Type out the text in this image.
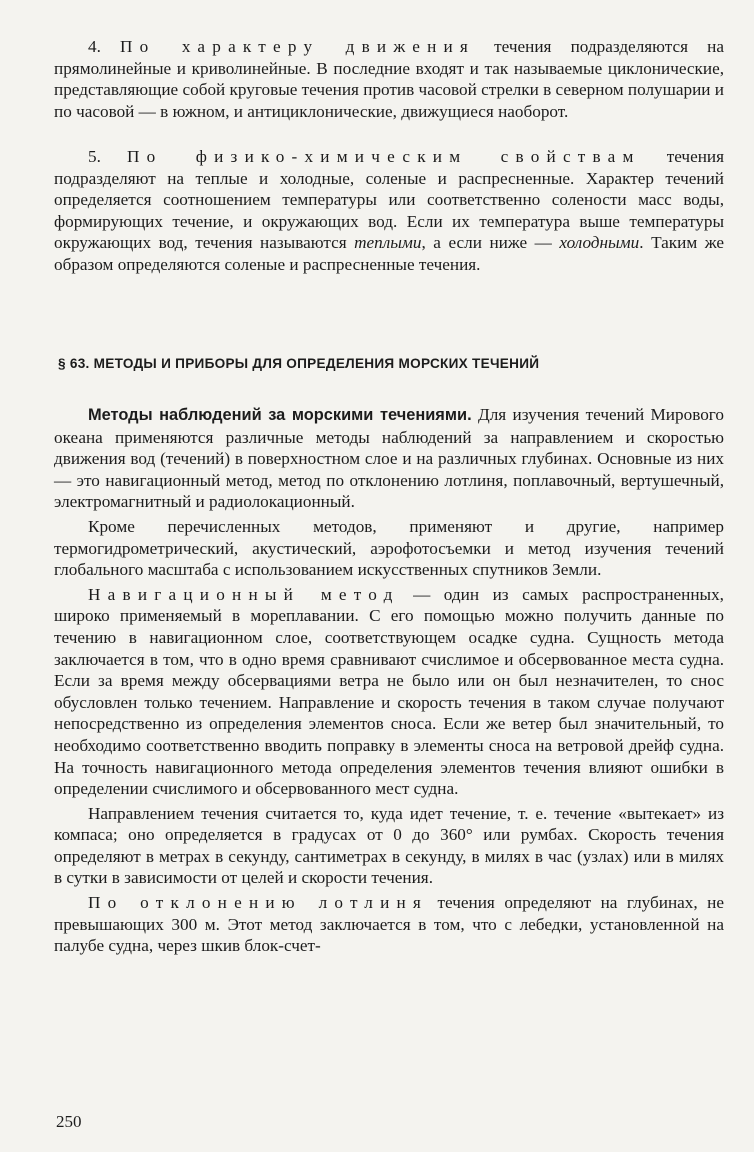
4. По характеру движения течения подразделяются на прямолинейные и криволинейные. В последние входят и так называемые циклонические, представляющие собой круговые течения против часовой стрелки в северном полушарии и по часовой — в южном, и антициклонические, движущиеся наоборот.

5. По физико-химическим свойствам течения подразделяют на теплые и холодные, соленые и распресненные. Характер течений определяется соотношением температуры или соответственно солености масс воды, формирующих течение, и окружающих вод. Если их температура выше температуры окружающих вод, течения называются теплыми, а если ниже — холодными. Таким же образом определяются соленые и распресненные течения.

§ 63. МЕТОДЫ И ПРИБОРЫ ДЛЯ ОПРЕДЕЛЕНИЯ МОРСКИХ ТЕЧЕНИЙ

Методы наблюдений за морскими течениями. Для изучения течений Мирового океана применяются различные методы наблюдений за направлением и скоростью движения вод (течений) в поверхностном слое и на различных глубинах. Основные из них — это навигационный метод, метод по отклонению лотлиня, поплавочный, вертушечный, электромагнитный и радиолокационный.

Кроме перечисленных методов, применяют и другие, например термогидрометрический, акустический, аэрофотосъемки и метод изучения течений глобального масштаба с использованием искусственных спутников Земли.

Навигационный метод — один из самых распространенных, широко применяемый в мореплавании. С его помощью можно получить данные по течению в навигационном слое, соответствующем осадке судна. Сущность метода заключается в том, что в одно время сравнивают счислимое и обсервованное места судна. Если за время между обсервациями ветра не было или он был незначителен, то снос обусловлен только течением. Направление и скорость течения в таком случае получают непосредственно из определения элементов сноса. Если же ветер был значительный, то необходимо соответственно вводить поправку в элементы сноса на ветровой дрейф судна. На точность навигационного метода определения элементов течения влияют ошибки в определении счислимого и обсервованного мест судна.

Направлением течения считается то, куда идет течение, т. е. течение «вытекает» из компаса; оно определяется в градусах от 0 до 360° или румбах. Скорость течения определяют в метрах в секунду, сантиметрах в секунду, в милях в час (узлах) или в милях в сутки в зависимости от целей и скорости течения.

По отклонению лотлиня течения определяют на глубинах, не превышающих 300 м. Этот метод заключается в том, что с лебедки, установленной на палубе судна, через шкив блок-счет-

250
